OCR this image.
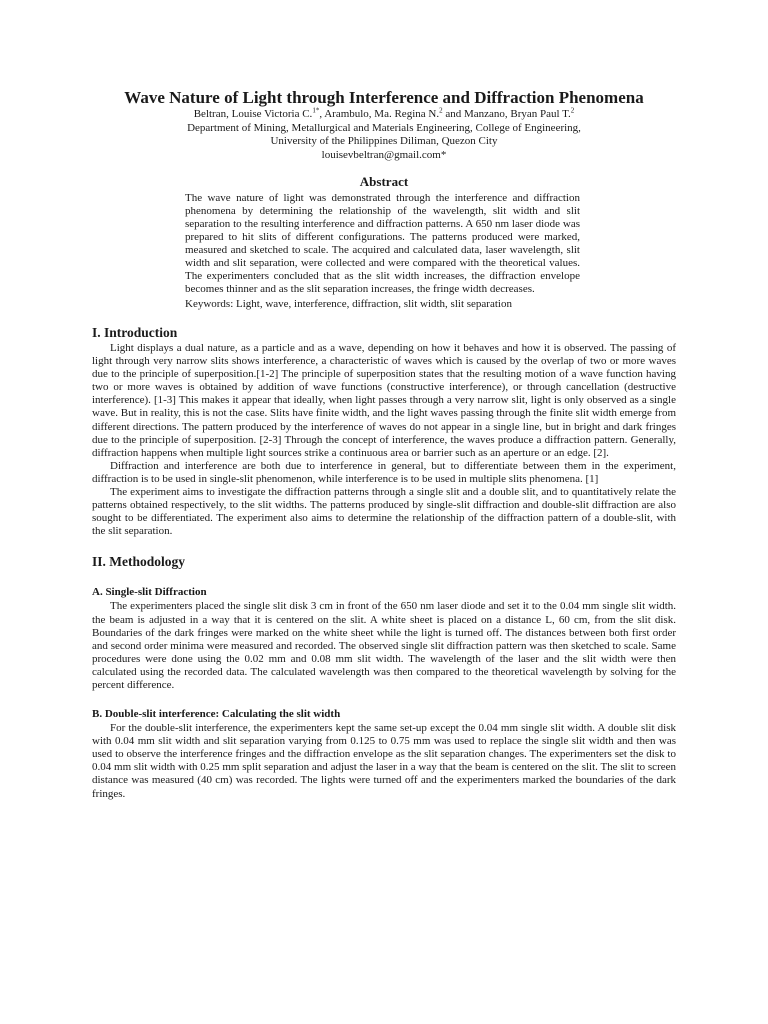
Wave Nature of Light through Interference and Diffraction Phenomena

Beltran, Louise Victoria C.$^{1*}$, Arambulo, Ma. Regina N.$^2$ and Manzano, Bryan Paul T.$^2$

Department of Mining, Metallurgical and Materials Engineering, College of Engineering,

University of the Philippines Diliman, Quezon City

louisevbeltran@gmail.com*

Abstract

The wave nature of light was demonstrated through the interference and diffraction phenomena by determining the relationship of the wavelength, slit width and slit separation to the resulting interference and diffraction patterns. A 650 nm laser diode was prepared to hit slits of different configurations. The patterns produced were marked, measured and sketched to scale. The acquired and calculated data, laser wavelength, slit width and slit separation, were collected and were compared with the theoretical values. The experimenters concluded that as the slit width increases, the diffraction envelope becomes thinner and as the slit separation increases, the fringe width decreases.

Keywords: Light, wave, interference, diffraction, slit width, slit separation
I. Introduction

Light displays a dual nature, as a particle and as a wave, depending on how it behaves and how it is observed. The passing of light through very narrow slits shows interference, a characteristic of waves which is caused by the overlap of two or more waves due to the principle of superposition.[1-2] The principle of superposition states that the resulting motion of a wave function having two or more waves is obtained by addition of wave functions (constructive interference), or through cancellation (destructive interference). [1-3] This makes it appear that ideally, when light passes through a very narrow slit, light is only observed as a single wave. But in reality, this is not the case. Slits have finite width, and the light waves passing through the finite slit width emerge from different directions. The pattern produced by the interference of waves do not appear in a single line, but in bright and dark fringes due to the principle of superposition. [2-3] Through the concept of interference, the waves produce a diffraction pattern. Generally, diffraction happens when multiple light sources strike a continuous area or barrier such as an aperture or an edge. [2].

Diffraction and interference are both due to interference in general, but to differentiate between them in the experiment, diffraction is to be used in single-slit phenomenon, while interference is to be used in multiple slits phenomena. [1]

The experiment aims to investigate the diffraction patterns through a single slit and a double slit, and to quantitatively relate the patterns obtained respectively, to the slit widths. The patterns produced by single-slit diffraction and double-slit diffraction are also sought to be differentiated. The experiment also aims to determine the relationship of the diffraction pattern of a double-slit, with the slit separation.

II. Methodology
A. Single-slit Diffraction

The experimenters placed the single slit disk 3 cm in front of the 650 nm laser diode and set it to the 0.04 mm single slit width. the beam is adjusted in a way that it is centered on the slit. A white sheet is placed on a distance L, 60 cm, from the slit disk. Boundaries of the dark fringes were marked on the white sheet while the light is turned off. The distances between both first order and second order minima were measured and recorded. The observed single slit diffraction pattern was then sketched to scale. Same procedures were done using the 0.02 mm and 0.08 mm slit width. The wavelength of the laser and the slit width were then calculated using the recorded data. The calculated wavelength was then compared to the theoretical wavelength by solving for the percent difference.

B. Double-slit interference: Calculating the slit width

For the double-slit interference, the experimenters kept the same set-up except the 0.04 mm single slit width. A double slit disk with 0.04 mm slit width and slit separation varying from 0.125 to 0.75 mm was used to replace the single slit width and then was used to observe the interference fringes and the diffraction envelope as the slit separation changes. The experimenters set the disk to 0.04 mm slit width with 0.25 mm split separation and adjust the laser in a way that the beam is centered on the slit. The slit to screen distance was measured (40 cm) was recorded. The lights were turned off and the experimenters marked the boundaries of the dark fringes.
